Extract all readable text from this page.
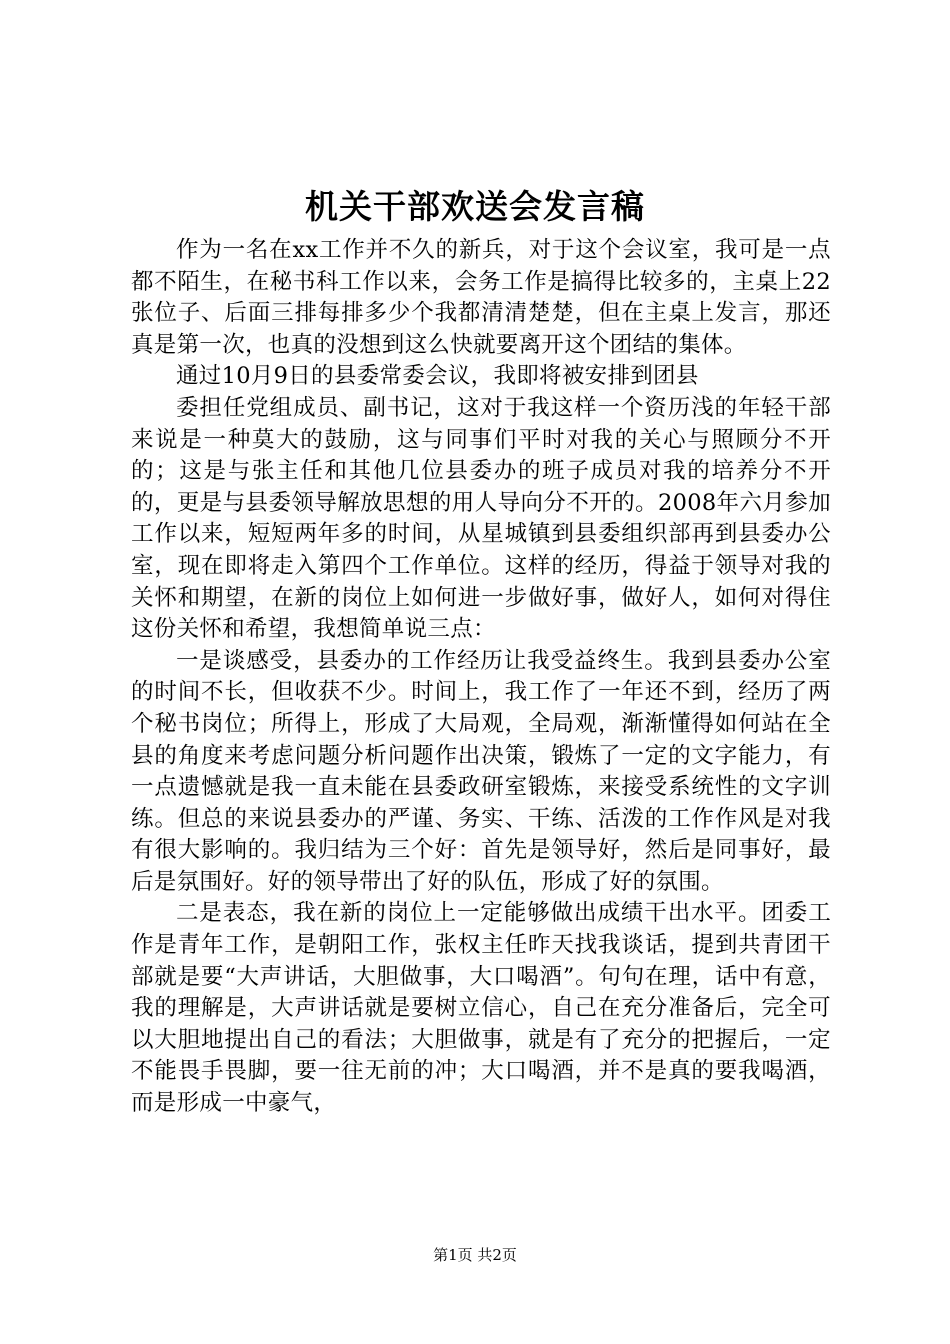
机关干部欢送会发言稿

作为一名在xx工作并不久的新兵，对于这个会议室，我可是一点都不陌生，在秘书科工作以来，会务工作是搞得比较多的，主桌上22张位子、后面三排每排多少个我都清清楚楚，但在主桌上发言，那还真是第一次，也真的没想到这么快就要离开这个团结的集体。

通过10月9日的县委常委会议，我即将被安排到团县

委担任党组成员、副书记，这对于我这样一个资历浅的年轻干部来说是一种莫大的鼓励，这与同事们平时对我的关心与照顾分不开的；这是与张主任和其他几位县委办的班子成员对我的培养分不开的，更是与县委领导解放思想的用人导向分不开的。2008年六月参加工作以来，短短两年多的时间，从星城镇到县委组织部再到县委办公室，现在即将走入第四个工作单位。这样的经历，得益于领导对我的关怀和期望，在新的岗位上如何进一步做好事，做好人，如何对得住这份关怀和希望，我想简单说三点：

一是谈感受，县委办的工作经历让我受益终生。我到县委办公室的时间不长，但收获不少。时间上，我工作了一年还不到，经历了两个秘书岗位；所得上，形成了大局观，全局观，渐渐懂得如何站在全县的角度来考虑问题分析问题作出决策，锻炼了一定的文字能力，有一点遗憾就是我一直未能在县委政研室锻炼，来接受系统性的文字训练。但总的来说县委办的严谨、务实、干练、活泼的工作作风是对我有很大影响的。我归结为三个好：首先是领导好，然后是同事好，最后是氛围好。好的领导带出了好的队伍，形成了好的氛围。

二是表态，我在新的岗位上一定能够做出成绩干出水平。团委工作是青年工作，是朝阳工作，张权主任昨天找我谈话，提到共青团干部就是要“大声讲话，大胆做事，大口喝酒”。句句在理，话中有意，我的理解是，大声讲话就是要树立信心，自己在充分准备后，完全可以大胆地提出自己的看法；大胆做事，就是有了充分的把握后，一定不能畏手畏脚，要一往无前的冲；大口喝酒，并不是真的要我喝酒，而是形成一中豪气，

第1页 共2页
